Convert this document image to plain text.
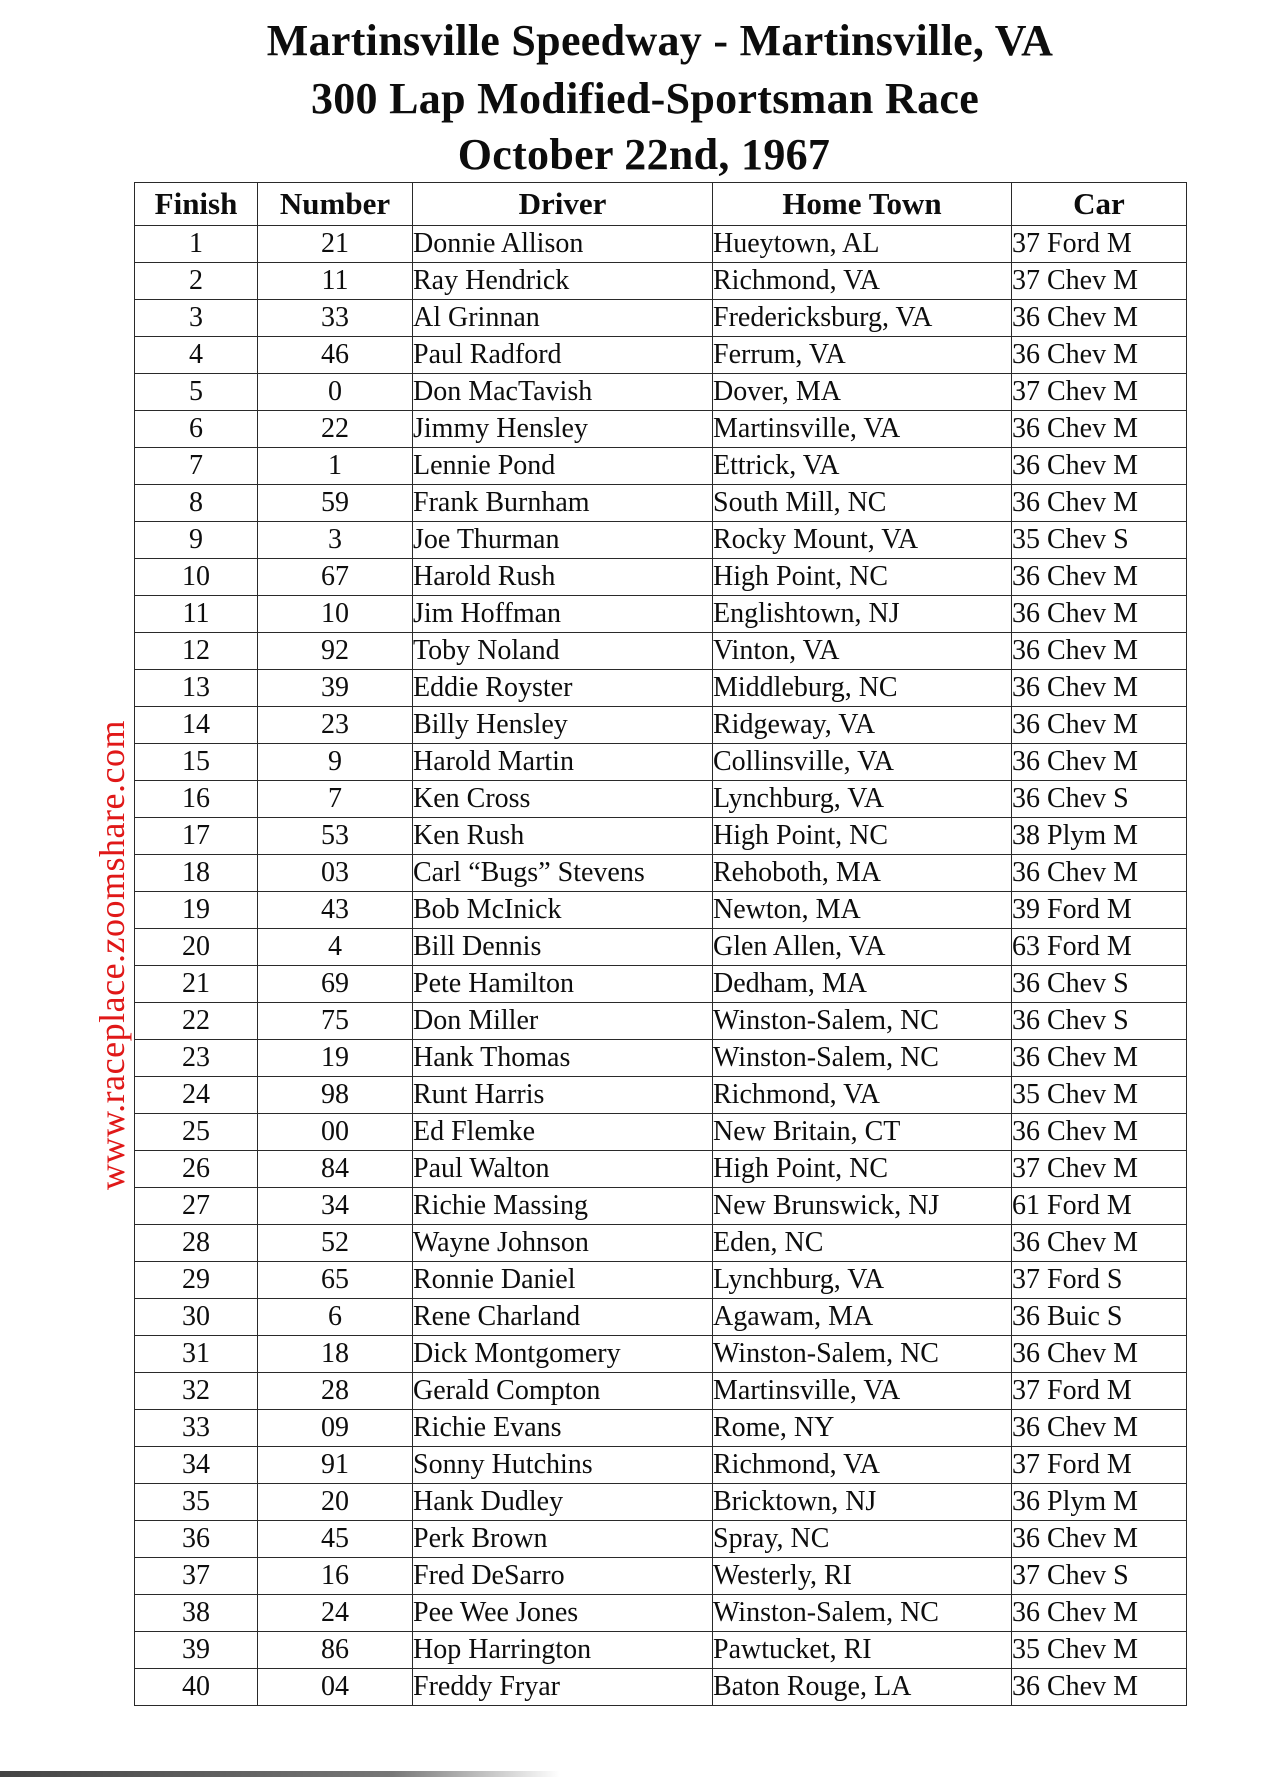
Martinsville Speedway - Martinsville, VA
300 Lap Modified-Sportsman Race
October 22nd, 1967
www.raceplace.zoomshare.com
Finish	Number	Driver	Home Town	Car
1	21	Donnie Allison	Hueytown, AL	37 Ford M
2	11	Ray Hendrick	Richmond, VA	37 Chev M
3	33	Al Grinnan	Fredericksburg, VA	36 Chev M
4	46	Paul Radford	Ferrum, VA	36 Chev M
5	0	Don MacTavish	Dover, MA	37 Chev M
6	22	Jimmy Hensley	Martinsville, VA	36 Chev M
7	1	Lennie Pond	Ettrick, VA	36 Chev M
8	59	Frank Burnham	South Mill, NC	36 Chev M
9	3	Joe Thurman	Rocky Mount, VA	35 Chev S
10	67	Harold Rush	High Point, NC	36 Chev M
11	10	Jim Hoffman	Englishtown, NJ	36 Chev M
12	92	Toby Noland	Vinton, VA	36 Chev M
13	39	Eddie Royster	Middleburg, NC	36 Chev M
14	23	Billy Hensley	Ridgeway, VA	36 Chev M
15	9	Harold Martin	Collinsville, VA	36 Chev M
16	7	Ken Cross	Lynchburg, VA	36 Chev S
17	53	Ken Rush	High Point, NC	38 Plym M
18	03	Carl “Bugs” Stevens	Rehoboth, MA	36 Chev M
19	43	Bob McInick	Newton, MA	39 Ford M
20	4	Bill Dennis	Glen Allen, VA	63 Ford M
21	69	Pete Hamilton	Dedham, MA	36 Chev S
22	75	Don Miller	Winston-Salem, NC	36 Chev S
23	19	Hank Thomas	Winston-Salem, NC	36 Chev M
24	98	Runt Harris	Richmond, VA	35 Chev M
25	00	Ed Flemke	New Britain, CT	36 Chev M
26	84	Paul Walton	High Point, NC	37 Chev M
27	34	Richie Massing	New Brunswick, NJ	61 Ford M
28	52	Wayne Johnson	Eden, NC	36 Chev M
29	65	Ronnie Daniel	Lynchburg, VA	37 Ford S
30	6	Rene Charland	Agawam, MA	36 Buic S
31	18	Dick Montgomery	Winston-Salem, NC	36 Chev M
32	28	Gerald Compton	Martinsville, VA	37 Ford M
33	09	Richie Evans	Rome, NY	36 Chev M
34	91	Sonny Hutchins	Richmond, VA	37 Ford M
35	20	Hank Dudley	Bricktown, NJ	36 Plym M
36	45	Perk Brown	Spray, NC	36 Chev M
37	16	Fred DeSarro	Westerly, RI	37 Chev S
38	24	Pee Wee Jones	Winston-Salem, NC	36 Chev M
39	86	Hop Harrington	Pawtucket, RI	35 Chev M
40	04	Freddy Fryar	Baton Rouge, LA	36 Chev M
